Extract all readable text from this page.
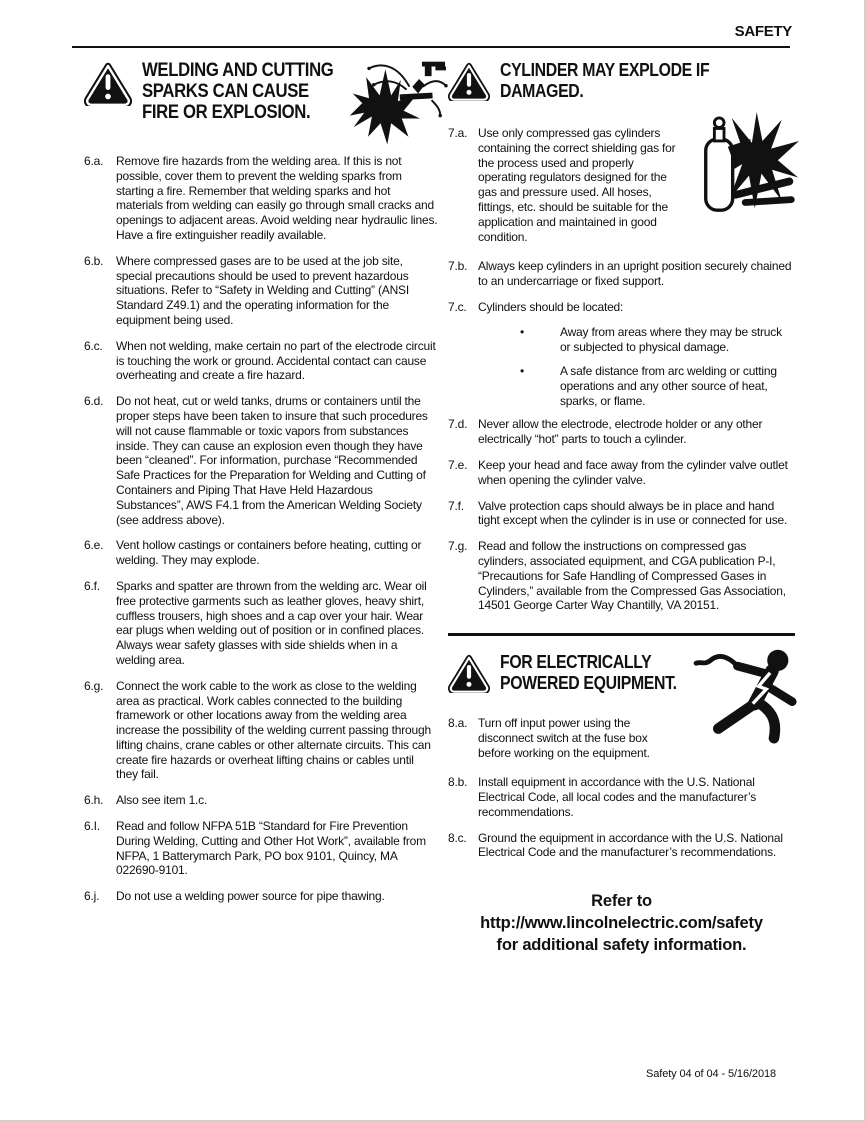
SAFETY
WELDING AND CUTTING
SPARKS CAN CAUSE
FIRE OR EXPLOSION.

6.a. Remove fire hazards from the welding area. If this is not possible, cover them to prevent the welding sparks from starting a fire. Remember that welding sparks and hot materials from welding can easily go through small cracks and openings to adjacent areas. Avoid welding near hydraulic lines. Have a fire extinguisher readily available.

6.b. Where compressed gases are to be used at the job site, special precautions should be used to prevent hazardous situations. Refer to “Safety in Welding and Cutting” (ANSI Standard Z49.1) and the operating information for the equipment being used.

6.c. When not welding, make certain no part of the electrode circuit is touching the work or ground. Accidental contact can cause overheating and create a fire hazard.

6.d. Do not heat, cut or weld tanks, drums or containers until the proper steps have been taken to insure that such procedures will not cause flammable or toxic vapors from substances inside. They can cause an explosion even though they have been “cleaned”. For information, purchase “Recommended Safe Practices for the Preparation for Welding and Cutting of Containers and Piping That Have Held Hazardous Substances”, AWS F4.1 from the American Welding Society (see address above).

6.e. Vent hollow castings or containers before heating, cutting or welding. They may explode.

6.f. Sparks and spatter are thrown from the welding arc. Wear oil free protective garments such as leather gloves, heavy shirt, cuffless trousers, high shoes and a cap over your hair. Wear ear plugs when welding out of position or in confined places. Always wear safety glasses with side shields when in a welding area.

6.g. Connect the work cable to the work as close to the welding area as practical. Work cables connected to the building framework or other locations away from the welding area increase the possibility of the welding current passing through lifting chains, crane cables or other alternate circuits. This can create fire hazards or overheat lifting chains or cables until they fail.

6.h. Also see item 1.c.

6.I. Read and follow NFPA 51B “Standard for Fire Prevention During Welding, Cutting and Other Hot Work”, available from NFPA, 1 Batterymarch Park, PO box 9101, Quincy, MA 022690-9101.

6.j. Do not use a welding power source for pipe thawing.

CYLINDER MAY EXPLODE IF
DAMAGED.

7.a. Use only compressed gas cylinders containing the correct shielding gas for the process used and properly operating regulators designed for the gas and pressure used. All hoses, fittings, etc. should be suitable for the application and maintained in good condition.

7.b. Always keep cylinders in an upright position securely chained to an undercarriage or fixed support.

7.c. Cylinders should be located:

•	Away from areas where they may be struck or subjected to physical damage.

•	A safe distance from arc welding or cutting operations and any other source of heat, sparks, or flame.

7.d. Never allow the electrode, electrode holder or any other electrically “hot” parts to touch a cylinder.

7.e. Keep your head and face away from the cylinder valve outlet when opening the cylinder valve.

7.f. Valve protection caps should always be in place and hand tight except when the cylinder is in use or connected for use.

7.g. Read and follow the instructions on compressed gas cylinders, associated equipment, and CGA publication P-I, “Precautions for Safe Handling of Compressed Gases in Cylinders,” available from the Compressed Gas Association, 14501 George Carter Way Chantilly, VA 20151.

FOR ELECTRICALLY
POWERED EQUIPMENT.

8.a. Turn off input power using the disconnect switch at the fuse box before working on the equipment.

8.b. Install equipment in accordance with the U.S. National Electrical Code, all local codes and the manufacturer’s recommendations.

8.c. Ground the equipment in accordance with the U.S. National Electrical Code and the manufacturer’s recommendations.

Refer to
http://www.lincolnelectric.com/safety
for additional safety information.
Safety 04 of 04 - 5/16/2018
